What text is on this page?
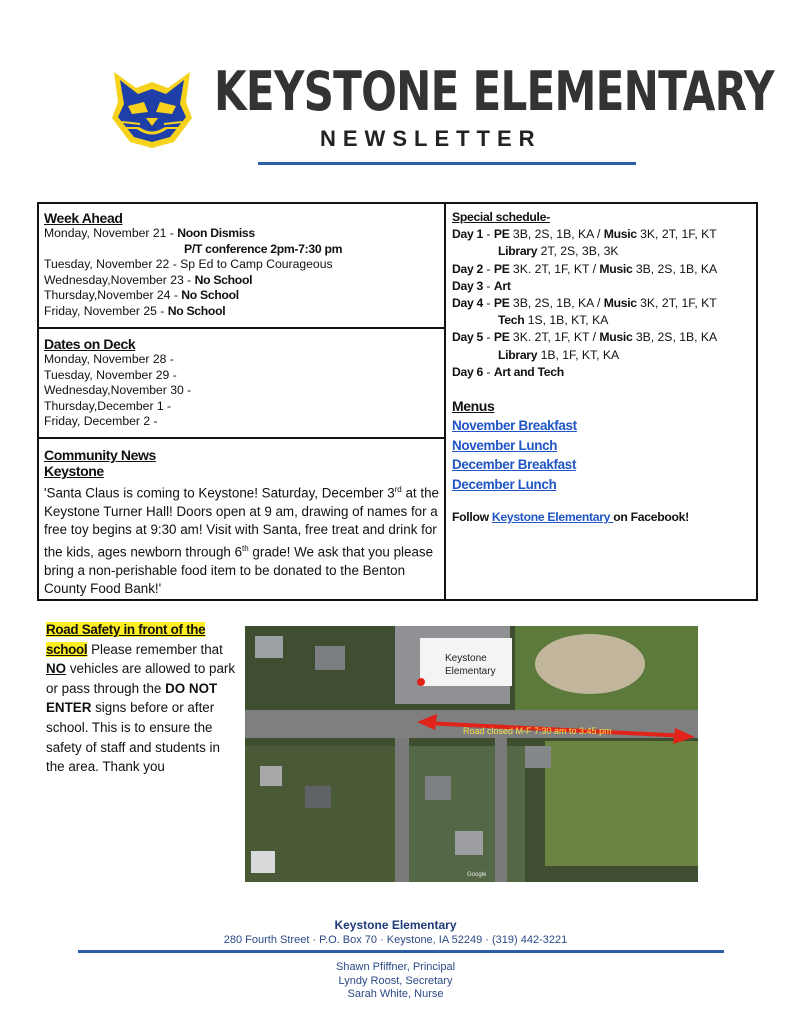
KEYSTONE ELEMENTARY
NEWSLETTER
Week Ahead
Monday, November 21 - Noon Dismiss
P/T conference 2pm-7:30 pm
Tuesday, November 22 - Sp Ed to Camp Courageous
Wednesday,November 23 - No School
Thursday,November 24 - No School
Friday, November 25 - No School
Dates on Deck
Monday, November 28 -
Tuesday, November 29 -
Wednesday,November 30 -
Thursday,December 1 -
Friday, December 2 -
Community News
Keystone
'Santa Claus is coming to Keystone! Saturday, December 3rd at the Keystone Turner Hall! Doors open at 9 am, drawing of names for a free toy begins at 9:30 am! Visit with Santa, free treat and drink for the kids, ages newborn through 6th grade! We ask that you please bring a non-perishable food item to be donated to the Benton County Food Bank!'
Special schedule-
Day 1 - PE 3B, 2S, 1B, KA / Music 3K, 2T, 1F, KT
Library 2T, 2S, 3B, 3K
Day 2 - PE 3K. 2T, 1F, KT / Music 3B, 2S, 1B, KA
Day 3 - Art
Day 4 - PE 3B, 2S, 1B, KA / Music 3K, 2T, 1F, KT
Tech 1S, 1B, KT, KA
Day 5 - PE 3K. 2T, 1F, KT / Music 3B, 2S, 1B, KA
Library 1B, 1F, KT, KA
Day 6 - Art and Tech
Menus
November Breakfast
November Lunch
December Breakfast
December Lunch
Follow Keystone Elementary on Facebook!
Road Safety in front of the school Please remember that NO vehicles are allowed to park or pass through the DO NOT ENTER signs before or after school. This is to ensure the safety of staff and students in the area. Thank you
Road closed M-F 7:30 am to 3:45 pm
Keystone
Elementary
Google
Keystone Elementary
280 Fourth Street · P.O. Box 70 · Keystone, IA 52249 · (319) 442-3221
Shawn Pfiffner, Principal
Lyndy Roost, Secretary
Sarah White, Nurse
